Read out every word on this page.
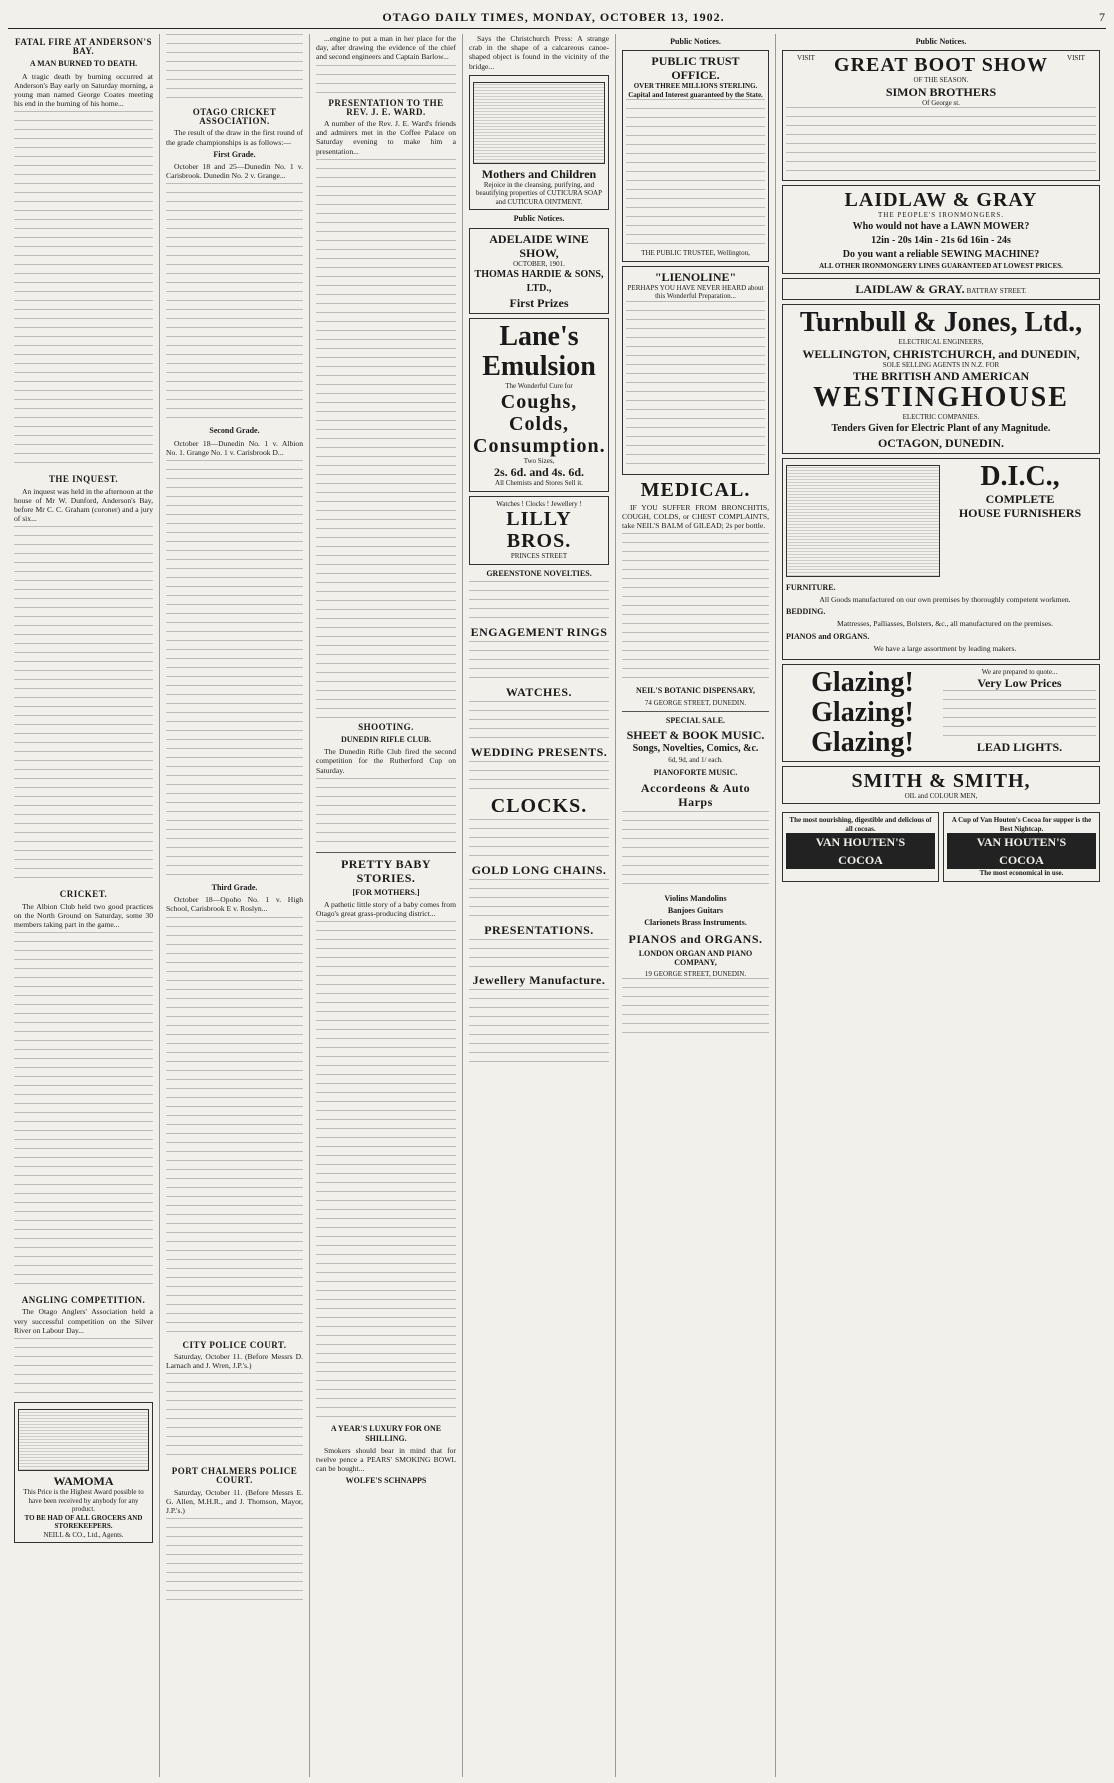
OTAGO DAILY TIMES, MONDAY, OCTOBER 13, 1902.	7
FATAL FIRE AT ANDERSON'S BAY.
A MAN BURNED TO DEATH.

A tragic death by burning occurred at Anderson's Bay early on Saturday morning, a young man named George Coates meeting his end in the burning of his home...

THE INQUEST.

An inquest was held in the afternoon at the house of Mr W. Dunford, Anderson's Bay, before Mr C. C. Graham (coroner) and a jury of six...

CRICKET.

The Albion Club held two good practices on the North Ground on Saturday, some 30 members taking part in the game...

ANGLING COMPETITION.

The Otago Anglers' Association held a very successful competition on the Silver River on Labour Day...

WAMOMA
This Price is the Highest Award possible to have been received by anybody for any product.
TO BE HAD OF ALL GROCERS AND STOREKEEPERS.
NEILL & CO., Ltd., Agents.
OTAGO CRICKET ASSOCIATION.

The result of the draw in the first round of the grade championships is as follows:—

First Grade.

October 18 and 25—Dunedin No. 1 v. Carisbrook. Dunedin No. 2 v. Grange...

Second Grade.

October 18—Dunedin No. 1 v. Albion No. 1. Grange No. 1 v. Carisbrook D...

Third Grade.

October 18—Opoho No. 1 v. High School, Carisbrook E v. Roslyn...

CITY POLICE COURT.

Saturday, October 11. (Before Messrs D. Larnach and J. Wren, J.P.'s.)

PORT CHALMERS POLICE COURT.

Saturday, October 11. (Before Messrs E. G. Allen, M.H.R., and J. Thomson, Mayor, J.P.'s.)

...engine to put a man in her place for the day, after drawing the evidence of the chief and second engineers and Captain Barlow...

PRESENTATION TO THE REV. J. E. WARD.

A number of the Rev. J. E. Ward's friends and admirers met in the Coffee Palace on Saturday evening to make him a presentation...

SHOOTING.
DUNEDIN RIFLE CLUB.

The Dunedin Rifle Club fired the second competition for the Rutherford Cup on Saturday.

PRETTY BABY STORIES.
[FOR MOTHERS.]

A pathetic little story of a baby comes from Otago's great grass-producing district...

A YEAR'S LUXURY FOR ONE SHILLING.

Smokers should bear in mind that for twelve pence a PEARS' SMOKING BOWL can be bought...

WOLFE'S SCHNAPPS

Says the Christchurch Press: A strange crab in the shape of a calcareous canoe-shaped object is found in the vicinity of the bridge...

Mothers and Children
Rejoice in the cleansing, purifying, and beautifying properties of CUTICURA SOAP and CUTICURA OINTMENT.
Public Notices.
ADELAIDE WINE SHOW,
OCTOBER, 1901.
THOMAS HARDIE & SONS, LTD.,
First Prizes
Lane's
Emulsion
The Wonderful Cure for
Coughs,
Colds,
Consumption.
Two Sizes,
2s. 6d. and 4s. 6d.
All Chemists and Stores Sell it.
Watches ! Clocks ! Jewellery !
LILLY BROS.
PRINCES STREET
GREENSTONE NOVELTIES.
ENGAGEMENT RINGS
WATCHES.
WEDDING PRESENTS.
CLOCKS.
GOLD LONG CHAINS.
PRESENTATIONS.
Jewellery Manufacture.
Public Notices.
PUBLIC TRUST OFFICE.
OVER THREE MILLIONS STERLING.
Capital and Interest guaranteed by the State.
THE PUBLIC TRUSTEE, Wellington,
"LIENOLINE"
PERHAPS YOU HAVE NEVER HEARD about this Wonderful Preparation...
MEDICAL.

IF YOU SUFFER FROM BRONCHITIS, COUGH, COLDS, or CHEST COMPLAINTS, take NEIL'S BALM of GILEAD; 2s per bottle.

NEIL'S BOTANIC DISPENSARY,
74 GEORGE STREET, DUNEDIN.
SPECIAL SALE.
SHEET & BOOK MUSIC.
Songs, Novelties, Comics, &c.
6d, 9d, and 1/ each.
PIANOFORTE MUSIC.
Accordeons & Auto Harps
Violins Mandolins
Banjoes Guitars
Clarionets Brass Instruments.
PIANOS and ORGANS.
LONDON ORGAN AND PIANO COMPANY,
19 GEORGE STREET, DUNEDIN.
Public Notices.
VISIT GREAT BOOT SHOW
OF THE SEASON.
SIMON BROTHERS
Of George st.
VISIT
LAIDLAW & GRAY
THE PEOPLE'S IRONMONGERS.
Who would not have a LAWN MOWER?
12in - 20s 14in - 21s 6d 16in - 24s
Do you want a reliable SEWING MACHINE?
ALL OTHER IRONMONGERY LINES GUARANTEED AT LOWEST PRICES.
LAIDLAW & GRAY. BATTRAY STREET.
Turnbull & Jones, Ltd.,
ELECTRICAL ENGINEERS,
WELLINGTON, CHRISTCHURCH, and DUNEDIN,
SOLE SELLING AGENTS IN N.Z. FOR
THE BRITISH AND AMERICAN
WESTINGHOUSE
ELECTRIC COMPANIES.
Tenders Given for Electric Plant of any Magnitude.
OCTAGON, DUNEDIN.
D.I.C.,
COMPLETE
HOUSE FURNISHERS
FURNITURE.

All Goods manufactured on our own premises by thoroughly competent workmen.

BEDDING.

Mattresses, Palliasses, Bolsters, &c., all manufactured on the premises.

PIANOS and ORGANS.

We have a large assortment by leading makers.

Glazing!
Glazing!
Glazing!
We are prepared to quote...
Very Low Prices
LEAD LIGHTS.
SMITH & SMITH,
OIL and COLOUR MEN,
The most nourishing, digestible and delicious of all cocoas.
VAN HOUTEN'S
COCOA
A Cup of Van Houten's Cocoa for supper is the Best Nightcap.
VAN HOUTEN'S
COCOA
The most economical in use.
